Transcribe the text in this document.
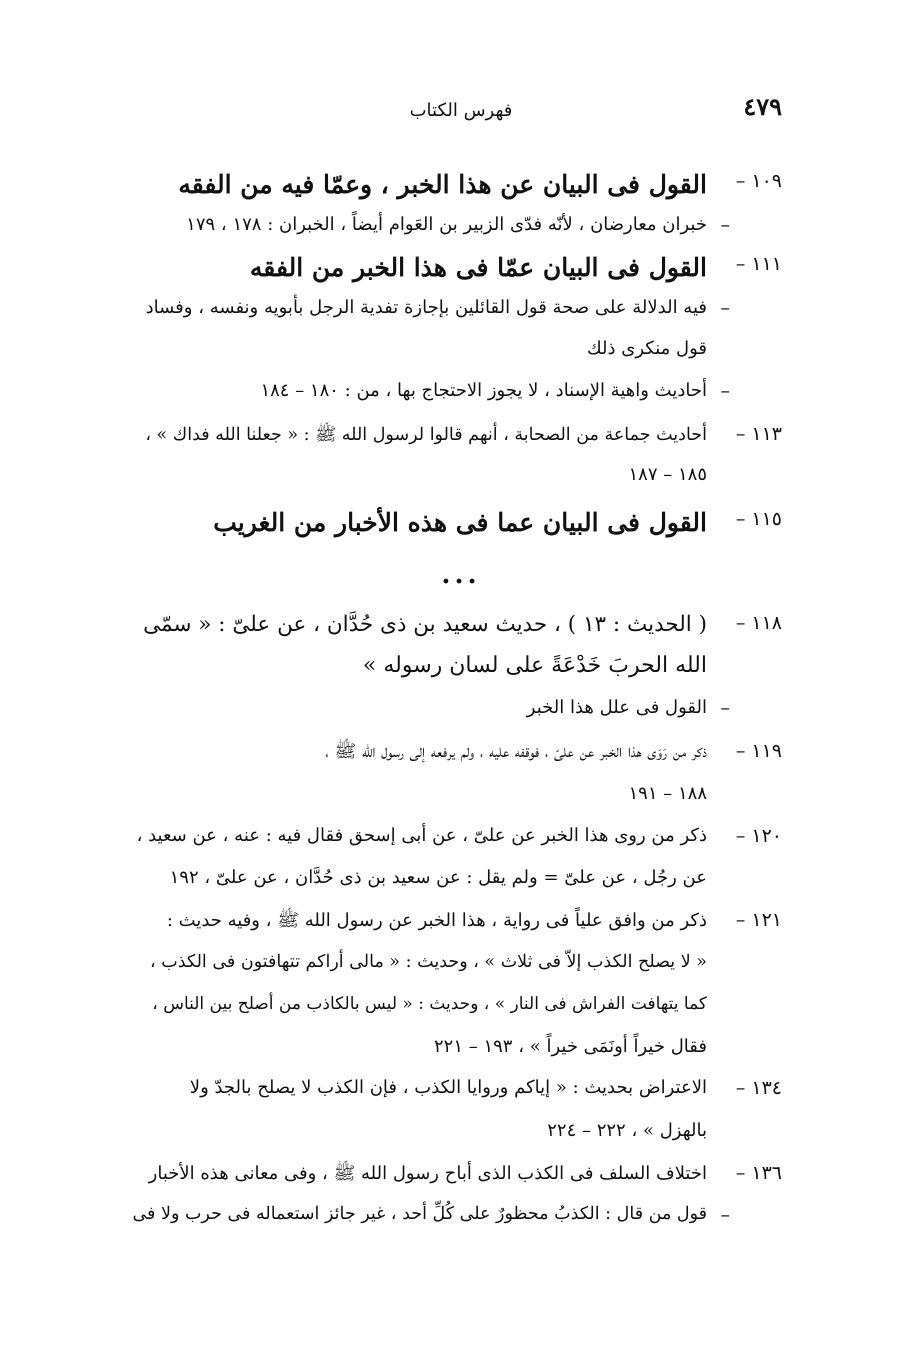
٤٧٩
فهرس الكتاب
١٠٩ –
القول فى البيان عن هذا الخبر ، وعمّا فيه من الفقه
–
خبران معارضان ، لأنّه فدّى الزبير بن العَوام أيضاً ، الخبران : ١٧٨ ، ١٧٩
١١١ –
القول فى البيان عمّا فى هذا الخبر من الفقه
–
فيه الدلالة على صحة قول القائلين بإجازة تفدية الرجل بأبويه ونفسه ، وفساد
قول منكرى ذلك
–
أحاديث واهية الإسناد ، لا يجوز الاحتجاج بها ، من : ١٨٠ – ١٨٤
١١٣ –
أحاديث جماعة من الصحابة ، أنهم قالوا لرسول الله ﷺ : « جعلنا الله فداك » ،
١٨٥ – ١٨٧
١١٥ –
القول فى البيان عما فى هذه الأخبار من الغريب
...
١١٨ –
( الحديث : ١٣ ) ، حديث سعيد بن ذى حُدَّان ، عن علىّ : « سمّى
الله الحربَ خَدْعَةً على لسان رسوله »
–
القول فى علل هذا الخبر
١١٩ –
ذكر من رَوَى هذا الخبر عن علىّ ، فوقفه عليه ، ولم يرفعه إلى رسول الله ﷺ ،
١٨٨ – ١٩١
١٢٠ –
ذكر من روى هذا الخبر عن علىّ ، عن أبى إسحق فقال فيه : عنه ، عن سعيد ،
عن رجُل ، عن علىّ = ولم يقل : عن سعيد بن ذى حُدَّان ، عن علىّ ، ١٩٢
١٢١ –
ذكر من وافق علياً فى رواية ، هذا الخبر عن رسول الله ﷺ ، وفيه حديث :
« لا يصلح الكذب إلاّ فى ثلاث » ، وحديث : « مالى أراكم تتهافتون فى الكذب ،
كما يتهافت الفراش فى النار » ، وحديث : « ليس بالكاذب من أصلح بين الناس ،
فقال خيراً أونَمَى خيراً » ، ١٩٣ – ٢٢١
١٣٤ –
الاعتراض بحديث : « إياكم وروايا الكذب ، فإن الكذب لا يصلح بالجدّ ولا
بالهزل » ، ٢٢٢ – ٢٢٤
١٣٦ –
اختلاف السلف فى الكذب الذى أباح رسول الله ﷺ ، وفى معانى هذه الأخبار
–
قول من قال : الكذبُ محظورٌ على كُلِّ أحد ، غير جائز استعماله فى حرب ولا فى
